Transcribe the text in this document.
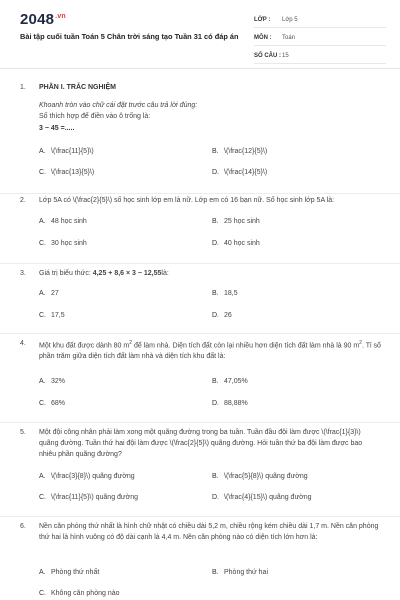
$2048^{.vn}$
Bài tập cuối tuần Toán 5 Chân trời sáng tạo Tuần 31 có đáp án
LỚP :	Lớp 5
MÔN :	Toán
SỐ CÂU : 15
1. PHẦN I. TRẮC NGHIỆM
Khoanh tròn vào chữ cái đặt trước câu trả lời đúng:
Số thích hợp để điền vào ô trống là:
3 − 45 =.....
A. \(\frac{11}{5}\)	B. \(\frac{12}{5}\)
C. \(\frac{13}{5}\)	D. \(\frac{14}{5}\)
2. Lớp 5A có \(\frac{2}{5}\) số học sinh lớp em là nữ. Lớp em có 16 bạn nữ. Số học sinh lớp 5A là:
A. 48 học sinh	B. 25 học sinh
C. 30 học sinh	D. 40 học sinh
3. Giá trị biểu thức: 4,25 + 8,6 × 3 − 12,55là:
A. 27	B. 18,5
C. 17,5	D. 26
4. Một khu đất được dành 80 $m^2$ để làm nhà. Diện tích đất còn lại nhiều hơn diện tích đất làm nhà là 90 $m^2$. Tỉ số phần trăm giữa diện tích đất làm nhà và diện tích khu đất là:
A. 32%	B. 47,05%
C. 68%	D. 88,88%
5. Một đội công nhân phải làm xong một quãng đường trong ba tuần. Tuần đầu đội làm được \(\frac{1}{3}\) quãng đường. Tuần thứ hai đội làm được \(\frac{2}{5}\) quãng đường. Hỏi tuần thứ ba đội làm được bao nhiêu phần quãng đường?
A. \(\frac{3}{8}\) quãng đường	B. \(\frac{5}{8}\) quãng đường
C. \(\frac{11}{5}\) quãng đường	D. \(\frac{4}{15}\) quãng đường
6. Nền căn phòng thứ nhất là hình chữ nhật có chiều dài 5,2 m, chiều rộng kém chiều dài 1,7 m. Nền căn phòng thứ hai là hình vuông có độ dài cạnh là 4,4 m. Nền căn phòng nào có diện tích lớn hơn là:
A. Phòng thứ nhất	B. Phòng thứ hai
C. Không căn phòng nào
